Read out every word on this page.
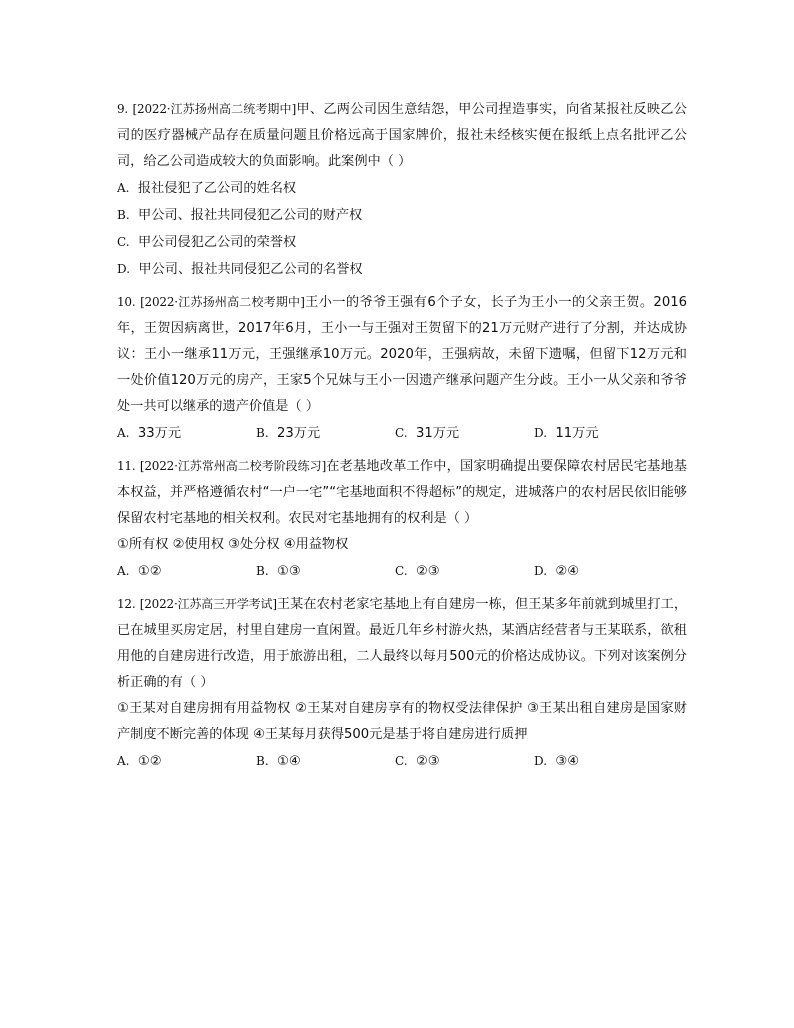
9. [2022·江苏扬州高二统考期中]甲、乙两公司因生意结怨，甲公司捏造事实，向省某报社反映乙公司的医疗器械产品存在质量问题且价格远高于国家牌价，报社未经核实便在报纸上点名批评乙公司，给乙公司造成较大的负面影响。此案例中（ ）

A. 报社侵犯了乙公司的姓名权

B. 甲公司、报社共同侵犯乙公司的财产权

C. 甲公司侵犯乙公司的荣誉权

D. 甲公司、报社共同侵犯乙公司的名誉权

10. [2022·江苏扬州高二校考期中]王小一的爷爷王强有6个子女，长子为王小一的父亲王贺。2016年，王贺因病离世，2017年6月，王小一与王强对王贺留下的21万元财产进行了分割，并达成协议：王小一继承11万元，王强继承10万元。2020年，王强病故，未留下遗嘱，但留下12万元和一处价值120万元的房产，王家5个兄妹与王小一因遗产继承问题产生分歧。王小一从父亲和爷爷处一共可以继承的遗产价值是（ ）

A. 33万元	B. 23万元	C. 31万元	D. 11万元

11. [2022·江苏常州高二校考阶段练习]在老基地改革工作中，国家明确提出要保障农村居民宅基地基本权益，并严格遵循农村“一户一宅”“宅基地面积不得超标”的规定，进城落户的农村居民依旧能够保留农村宅基地的相关权利。农民对宅基地拥有的权利是（ ）

①所有权 ②使用权 ③处分权 ④用益物权

A. ①②	B. ①③	C. ②③	D. ②④

12. [2022·江苏高三开学考试]王某在农村老家宅基地上有自建房一栋，但王某多年前就到城里打工，已在城里买房定居，村里自建房一直闲置。最近几年乡村游火热，某酒店经营者与王某联系，欲租用他的自建房进行改造，用于旅游出租，二人最终以每月500元的价格达成协议。下列对该案例分析正确的有（ ）

①王某对自建房拥有用益物权 ②王某对自建房享有的物权受法律保护 ③王某出租自建房是国家财产制度不断完善的体现 ④王某每月获得500元是基于将自建房进行质押

A. ①②	B. ①④	C. ②③	D. ③④
